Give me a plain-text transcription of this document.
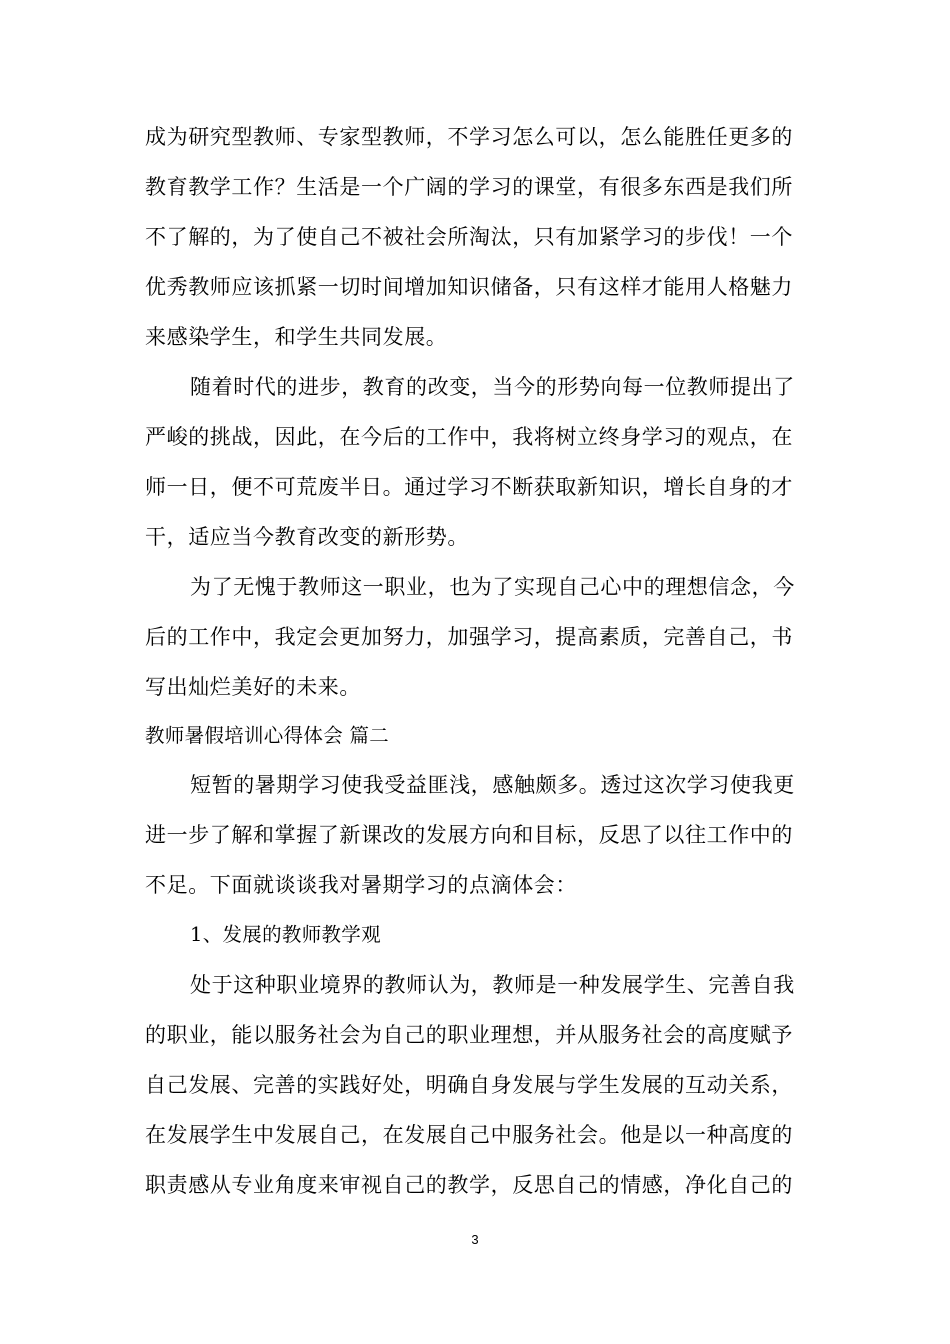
成为研究型教师、专家型教师，不学习怎么可以，怎么能胜任更多的
教育教学工作？生活是一个广阔的学习的课堂，有很多东西是我们所
不了解的，为了使自己不被社会所淘汰，只有加紧学习的步伐！一个
优秀教师应该抓紧一切时间增加知识储备，只有这样才能用人格魅力
来感染学生，和学生共同发展。
随着时代的进步，教育的改变，当今的形势向每一位教师提出了
严峻的挑战，因此，在今后的工作中，我将树立终身学习的观点，在
师一日，便不可荒废半日。通过学习不断获取新知识，增长自身的才
干，适应当今教育改变的新形势。
为了无愧于教师这一职业，也为了实现自己心中的理想信念，今
后的工作中，我定会更加努力，加强学习，提高素质，完善自己，书
写出灿烂美好的未来。
教师暑假培训心得体会 篇二
短暂的暑期学习使我受益匪浅，感触颇多。透过这次学习使我更
进一步了解和掌握了新课改的发展方向和目标，反思了以往工作中的
不足。下面就谈谈我对暑期学习的点滴体会：
1、发展的教师教学观
处于这种职业境界的教师认为，教师是一种发展学生、完善自我
的职业，能以服务社会为自己的职业理想，并从服务社会的高度赋予
自己发展、完善的实践好处，明确自身发展与学生发展的互动关系，
在发展学生中发展自己，在发展自己中服务社会。他是以一种高度的
职责感从专业角度来审视自己的教学，反思自己的情感，净化自己的
3
